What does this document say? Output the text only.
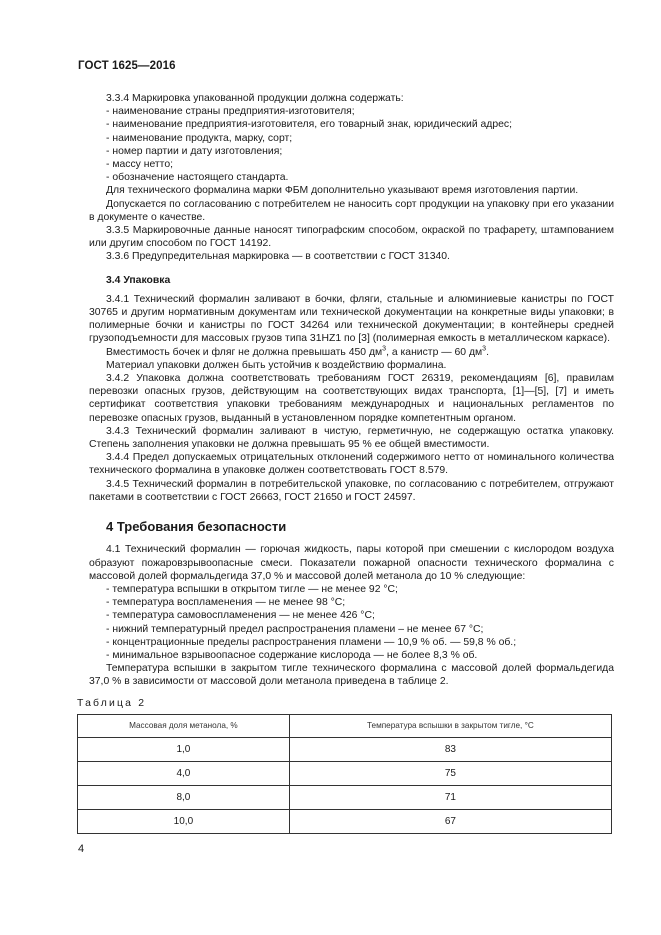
ГОСТ 1625—2016

3.3.4 Маркировка упакованной продукции должна содержать:

- наименование страны предприятия-изготовителя;

- наименование предприятия-изготовителя, его товарный знак, юридический адрес;

- наименование продукта, марку, сорт;

- номер партии и дату изготовления;

- массу нетто;

- обозначение настоящего стандарта.

Для технического формалина марки ФБМ дополнительно указывают время изготовления партии.

Допускается по согласованию с потребителем не наносить сорт продукции на упаковку при его указании в документе о качестве.

3.3.5 Маркировочные данные наносят типографским способом, окраской по трафарету, штампованием или другим способом по ГОСТ 14192.

3.3.6 Предупредительная маркировка — в соответствии с ГОСТ 31340.

3.4 Упаковка

3.4.1 Технический формалин заливают в бочки, фляги, стальные и алюминиевые канистры по ГОСТ 30765 и другим нормативным документам или технической документации на конкретные виды упаковки; в полимерные бочки и канистры по ГОСТ 34264 или технической документации; в контейнеры средней грузоподъемности для массовых грузов типа 31HZ1 по [3] (полимерная емкость в металлическом каркасе).

Вместимость бочек и фляг не должна превышать 450 $дм^3$, а канистр — 60 $дм^3$.

Материал упаковки должен быть устойчив к воздействию формалина.

3.4.2 Упаковка должна соответствовать требованиям ГОСТ 26319, рекомендациям [6], правилам перевозки опасных грузов, действующим на соответствующих видах транспорта, [1]—[5], [7] и иметь сертификат соответствия упаковки требованиям международных и национальных регламентов по перевозке опасных грузов, выданный в установленном порядке компетентным органом.

3.4.3 Технический формалин заливают в чистую, герметичную, не содержащую остатка упаковку. Степень заполнения упаковки не должна превышать 95 % ее общей вместимости.

3.4.4 Предел допускаемых отрицательных отклонений содержимого нетто от номинального количества технического формалина в упаковке должен соответствовать ГОСТ 8.579.

3.4.5 Технический формалин в потребительской упаковке, по согласованию с потребителем, отгружают пакетами в соответствии с ГОСТ 26663, ГОСТ 21650 и ГОСТ 24597.

4 Требования безопасности

4.1 Технический формалин — горючая жидкость, пары которой при смешении с кислородом воздуха образуют пожаровзрывоопасные смеси. Показатели пожарной опасности технического формалина с массовой долей формальдегида 37,0 % и массовой долей метанола до 10 % следующие:

- температура вспышки в открытом тигле — не менее 92 °С;

- температура воспламенения — не менее 98 °С;

- температура самовоспламенения — не менее 426 °С;

- нижний температурный предел распространения пламени – не менее 67 °С;

- концентрационные пределы распространения пламени — 10,9 % об. — 59,8 % об.;

- минимальное взрывоопасное содержание кислорода — не более 8,3 % об.

Температура вспышки в закрытом тигле технического формалина с массовой долей формальдегида 37,0 % в зависимости от массовой доли метанола приведена в таблице 2.

Таблица 2

Массовая доля метанола, %	Температура вспышки в закрытом тигле, °С
1,0	83
4,0	75
8,0	71
10,0	67
4
